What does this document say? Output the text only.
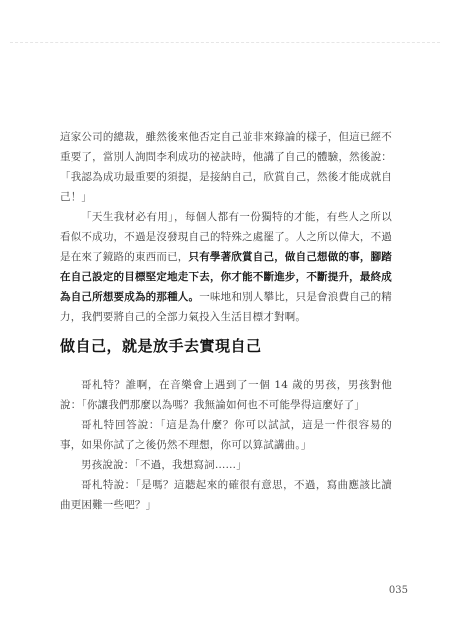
這家公司的總裁，雖然後來他否定自己並非來錄論的樣子，但這已經不重要了，當別人詢問李利成功的祕訣時，他講了自己的體驗，然後說：「我認為成功最重要的須提，是接納自己，欣賞自己，然後才能成就自己！」

「天生我材必有用」，每個人都有一份獨特的才能，有些人之所以看似不成功，不過是沒發現自己的特殊之處罷了。人之所以偉大，不過是在來了鏡路的東西而已，只有學著欣賞自己，做自己想做的事，腳踏在自己設定的目標堅定地走下去，你才能不斷進步，不斷提升，最終成為自己所想要成為的那種人。一味地和別人攀比，只是會浪費自己的精力，我們要將自己的全部力氣投入生活目標才對啊。

做自己，就是放手去實現自己

哥札特？誰啊，在音樂會上遇到了一個 14 歲的男孩，男孩對他說：「你讓我們那麼以為嗎？我無論如何也不可能學得這麼好了」

哥札特回答說：「這是為什麼？你可以試試，這是一件很容易的事，如果你試了之後仍然不理想，你可以算試講曲。」

男孩說說：「不過，我想寫詞……」

哥札特說：「是嗎？這聽起來的確很有意思，不過，寫曲應該比讀曲更困難一些吧？」

035
